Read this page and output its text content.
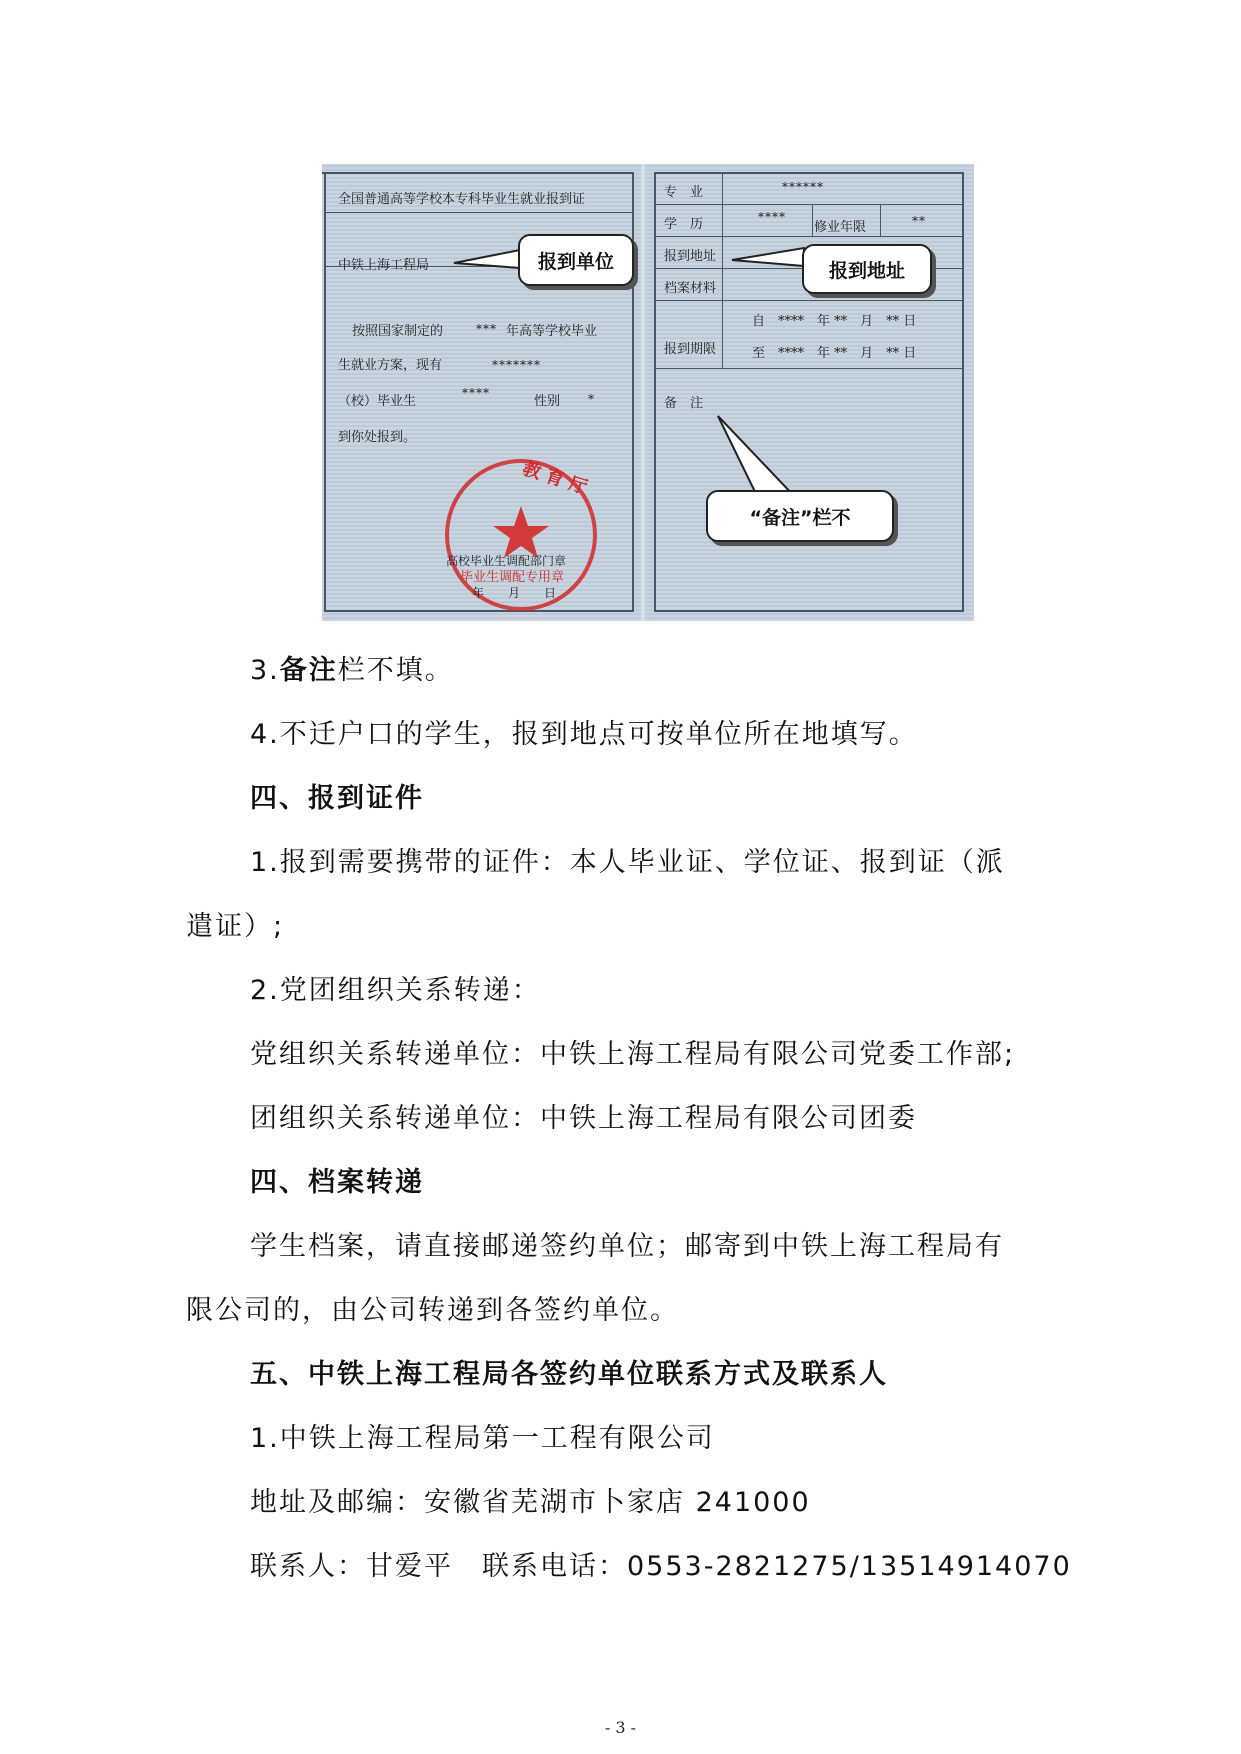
全国普通高等学校本专科毕业生就业报到证
中铁上海工程局
按照国家制定的	*** 年高等学校毕业
生就业方案，现有	*******
（校）毕业生
****
性别 *
到你处报到。
教 育 厅
高校毕业生调配部门章
毕业生调配专用章
年　　月　　日
专　业	******
学　历	****
修业年限	**
报到地址
档案材料
报到期限
自　****　年 **　月　** 日
至　****　年 **　月　** 日
备　注
报到单位	报到地址
“备注”栏不
3.备注栏不填。
4.不迁户口的学生，报到地点可按单位所在地填写。
四、报到证件
1.报到需要携带的证件：本人毕业证、学位证、报到证（派
遣证）;
2.党团组织关系转递：
党组织关系转递单位：中铁上海工程局有限公司党委工作部;
团组织关系转递单位：中铁上海工程局有限公司团委
四、档案转递
学生档案，请直接邮递签约单位；邮寄到中铁上海工程局有
限公司的，由公司转递到各签约单位。
五、中铁上海工程局各签约单位联系方式及联系人
1.中铁上海工程局第一工程有限公司
地址及邮编：安徽省芜湖市卜家店 241000
联系人：甘爱平　联系电话：0553-2821275/13514914070
- 3 -
